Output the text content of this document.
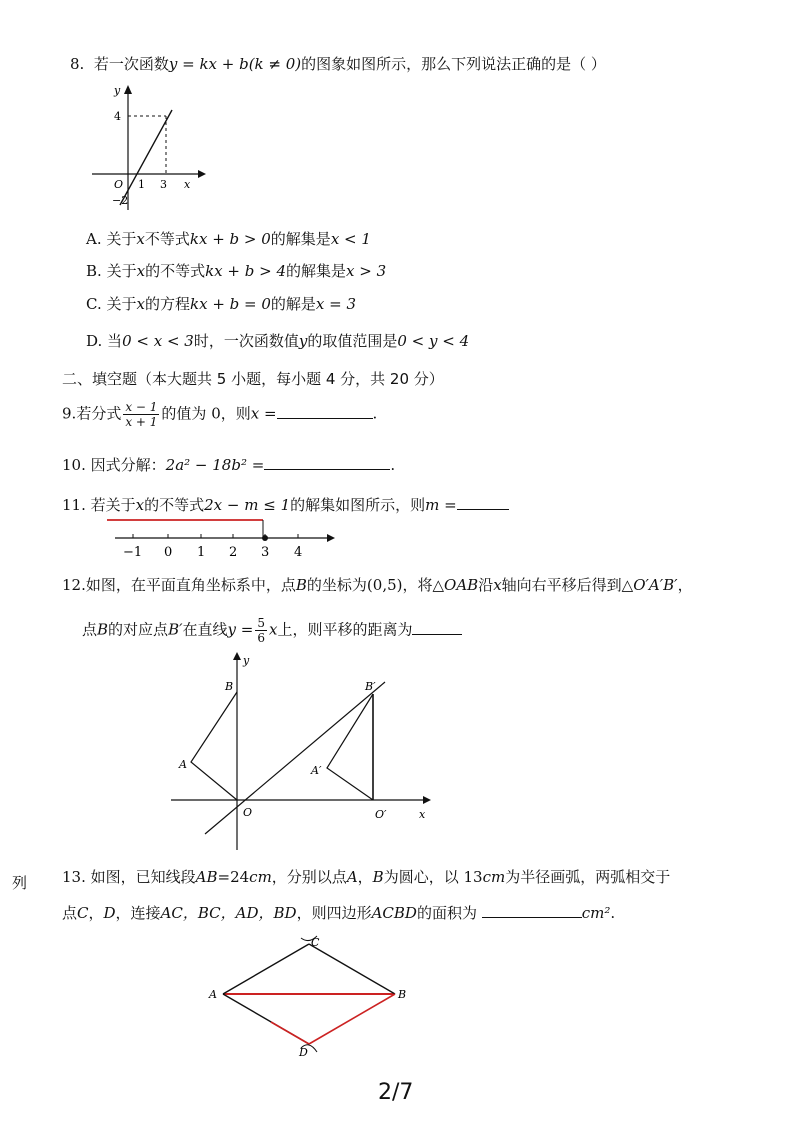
8. 若一次函数y = kx + b(k ≠ 0)的图象如图所示，那么下列说法正确的是（ ）
y
x
O
4
−2
1 3
A. 关于x不等式kx + b > 0的解集是x < 1
B. 关于x的不等式kx + b > 4的解集是x > 3
C. 关于x的方程kx + b = 0的解是x = 3
D. 当0 < x < 3时，一次函数值y的取值范围是0 < y < 4
二、填空题（本大题共 5 小题，每小题 4 分，共 20 分）
9.若分式 $\frac{x - 1}{x + 1}$ 的值为 0，则x =	.
10. 因式分解：2a² − 18b² =	.
11. 若关于x的不等式2x − m ≤ 1的解集如图所示，则m =
−1 0 1 2 3 4
12.如图，在平面直角坐标系中，点B的坐标为(0,5)，将△OAB沿x轴向右平移后得到△O′A′B′，
点B的对应点B′在直线$y = \frac{5}{6}$ x上，则平移的距离为
y
x
B
A
O
B′
A′
O′
列 13. 如图，已知线段AB=24cm，分别以点A，B为圆心，以 13cm为半径画弧，两弧相交于
点C，D，连接AC，BC，AD，BD，则四边形ACBD的面积为	cm².
A	B
C
D
2/7
